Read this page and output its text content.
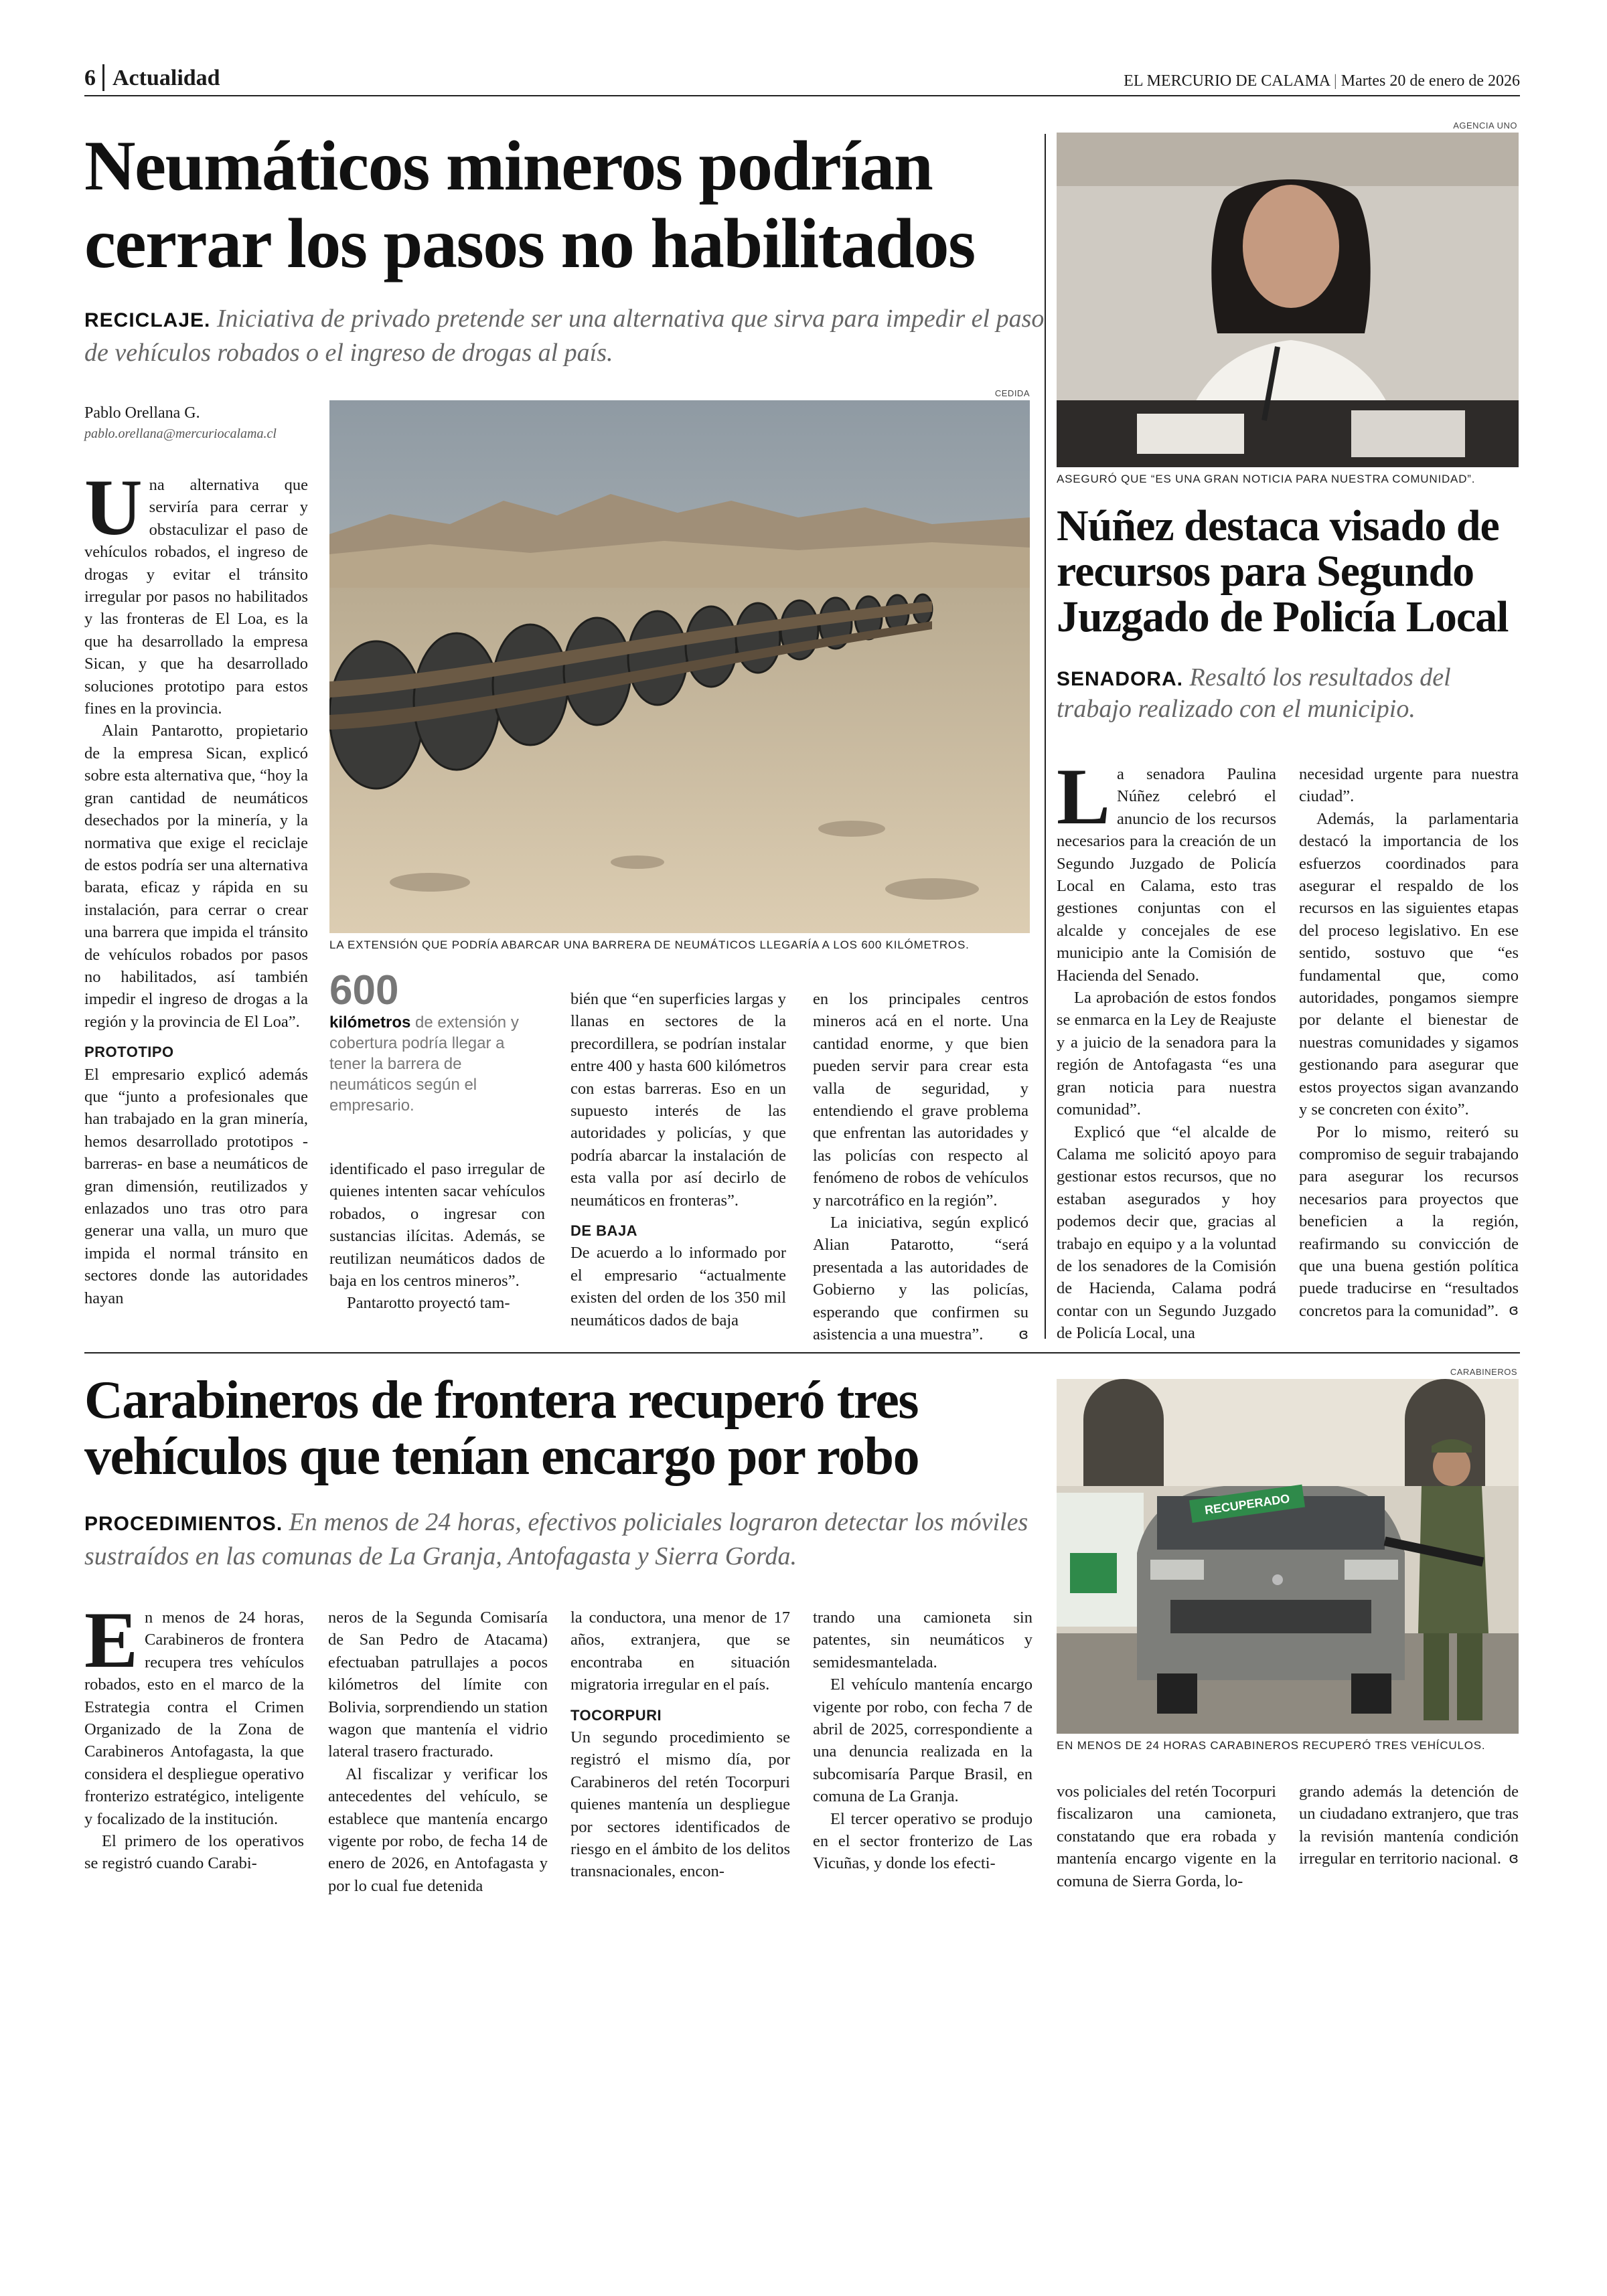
6 Actualidad	EL MERCURIO DE CALAMA | Martes 20 de enero de 2026
Neumáticos mineros podrían
cerrar los pasos no habilitados
RECICLAJE. Iniciativa de privado pretende ser una alternativa que sirva para impedir el paso de vehículos robados o el ingreso de drogas al país.
Pablo Orellana G.
pablo.orellana@mercuriocalama.cl
CEDIDA
LA EXTENSIÓN QUE PODRÍA ABARCAR UNA BARRERA DE NEUMÁTICOS LLEGARÍA A LOS 600 KILÓMETROS.

Una alternativa que serviría para cerrar y obstaculizar el paso de vehículos robados, el ingreso de drogas y evitar el tránsito irregular por pasos no habilitados y las fronteras de El Loa, es la que ha desarrollado la empresa Sican, y que ha desarrollado soluciones prototipo para estos fines en la provincia.

Alain Pantarotto, propietario de la empresa Sican, explicó sobre esta alternativa que, “hoy la gran cantidad de neumáticos desechados por la minería, y la normativa que exige el reciclaje de estos podría ser una alternativa barata, eficaz y rápida en su instalación, para cerrar o crear una barrera que impida el tránsito de vehículos robados por pasos no habilitados, así también impedir el ingreso de drogas a la región y la provincia de El Loa”.

PROTOTIPO

El empresario explicó además que “junto a profesionales que han trabajado en la gran minería, hemos desarrollado prototipos -barreras- en base a neumáticos de gran dimensión, reutilizados y enlazados uno tras otro para generar una valla, un muro que impida el normal tránsito en sectores donde las autoridades hayan

600
kilómetros de extensión y cobertura podría llegar a tener la barrera de neumáticos según el empresario.

identificado el paso irregular de quienes intenten sacar vehículos robados, o ingresar con sustancias ilícitas. Además, se reutilizan neumáticos dados de baja en los centros mineros”.

Pantarotto proyectó tam-

bién que “en superficies largas y llanas en sectores de la precordillera, se podrían instalar entre 400 y hasta 600 kilómetros con estas barreras. Eso en un supuesto interés de las autoridades y policías, y que podría abarcar la instalación de esta valla por así decirlo de neumáticos en fronteras”.

DE BAJA

De acuerdo a lo informado por el empresario “actualmente existen del orden de los 350 mil neumáticos dados de baja

en los principales centros mineros acá en el norte. Una cantidad enorme, y que bien pueden servir para crear esta valla de seguridad, y entendiendo el grave problema que enfrentan las autoridades y las policías con respecto al fenómeno de robos de vehículos y narcotráfico en la región”.

La iniciativa, según explicó Alian Patarotto, “será presentada a las autoridades de Gobierno y las policías, esperando que confirmen su asistencia a una muestra”.	ɞ
AGENCIA UNO
ASEGURÓ QUE “ES UNA GRAN NOTICIA PARA NUESTRA COMUNIDAD”.
Núñez destaca visado de
recursos para Segundo
Juzgado de Policía Local
SENADORA. Resaltó los resultados del trabajo realizado con el municipio.

La senadora Paulina Núñez celebró el anuncio de los recursos necesarios para la creación de un Segundo Juzgado de Policía Local en Calama, esto tras gestiones conjuntas con el alcalde y concejales de ese municipio ante la Comisión de Hacienda del Senado.

La aprobación de estos fondos se enmarca en la Ley de Reajuste y a juicio de la senadora para la región de Antofagasta “es una gran noticia para nuestra comunidad”.

Explicó que “el alcalde de Calama me solicitó apoyo para gestionar estos recursos, que no estaban asegurados y hoy podemos decir que, gracias al trabajo en equipo y a la voluntad de los senadores de la Comisión de Hacienda, Calama podrá contar con un Segundo Juzgado de Policía Local, una

necesidad urgente para nuestra ciudad”.

Además, la parlamentaria destacó la importancia de los esfuerzos coordinados para asegurar el respaldo de los recursos en las siguientes etapas del proceso legislativo. En ese sentido, sostuvo que “es fundamental que, como autoridades, pongamos siempre por delante el bienestar de nuestras comunidades y sigamos gestionando para asegurar que estos proyectos sigan avanzando y se concreten con éxito”.

Por lo mismo, reiteró su compromiso de seguir trabajando para asegurar los recursos necesarios para proyectos que beneficien a la región, reafirmando su convicción de que una buena gestión política puede traducirse en “resultados concretos para la comunidad”. ɞ
Carabineros de frontera recuperó tres
vehículos que tenían encargo por robo
PROCEDIMIENTOS. En menos de 24 horas, efectivos policiales lograron detectar los móviles sustraídos en las comunas de La Granja, Antofagasta y Sierra Gorda.
CARABINEROS
RECUPERADO
EN MENOS DE 24 HORAS CARABINEROS RECUPERÓ TRES VEHÍCULOS.

En menos de 24 horas, Carabineros de frontera recupera tres vehículos robados, esto en el marco de la Estrategia contra el Crimen Organizado de la Zona de Carabineros Antofagasta, la que considera el despliegue operativo fronterizo estratégico, inteligente y focalizado de la institución.

El primero de los operativos se registró cuando Carabi-

neros de la Segunda Comisaría de San Pedro de Atacama) efectuaban patrullajes a pocos kilómetros del límite con Bolivia, sorprendiendo un station wagon que mantenía el vidrio lateral trasero fracturado.

Al fiscalizar y verificar los antecedentes del vehículo, se establece que mantenía encargo vigente por robo, de fecha 14 de enero de 2026, en Antofagasta y por lo cual fue detenida

la conductora, una menor de 17 años, extranjera, que se encontraba en situación migratoria irregular en el país.

TOCORPURI

Un segundo procedimiento se registró el mismo día, por Carabineros del retén Tocorpuri quienes mantenía un despliegue por sectores identificados de riesgo en el ámbito de los delitos transnacionales, encon-

trando una camioneta sin patentes, sin neumáticos y semidesmantelada.

El vehículo mantenía encargo vigente por robo, con fecha 7 de abril de 2025, correspondiente a una denuncia realizada en la subcomisaría Parque Brasil, en comuna de La Granja.

El tercer operativo se produjo en el sector fronterizo de Las Vicuñas, y donde los efecti-

vos policiales del retén Tocorpuri fiscalizaron una camioneta, constatando que era robada y mantenía encargo vigente en la comuna de Sierra Gorda, lo-

grando además la detención de un ciudadano extranjero, que tras la revisión mantenía condición irregular en territorio nacional. ɞ
